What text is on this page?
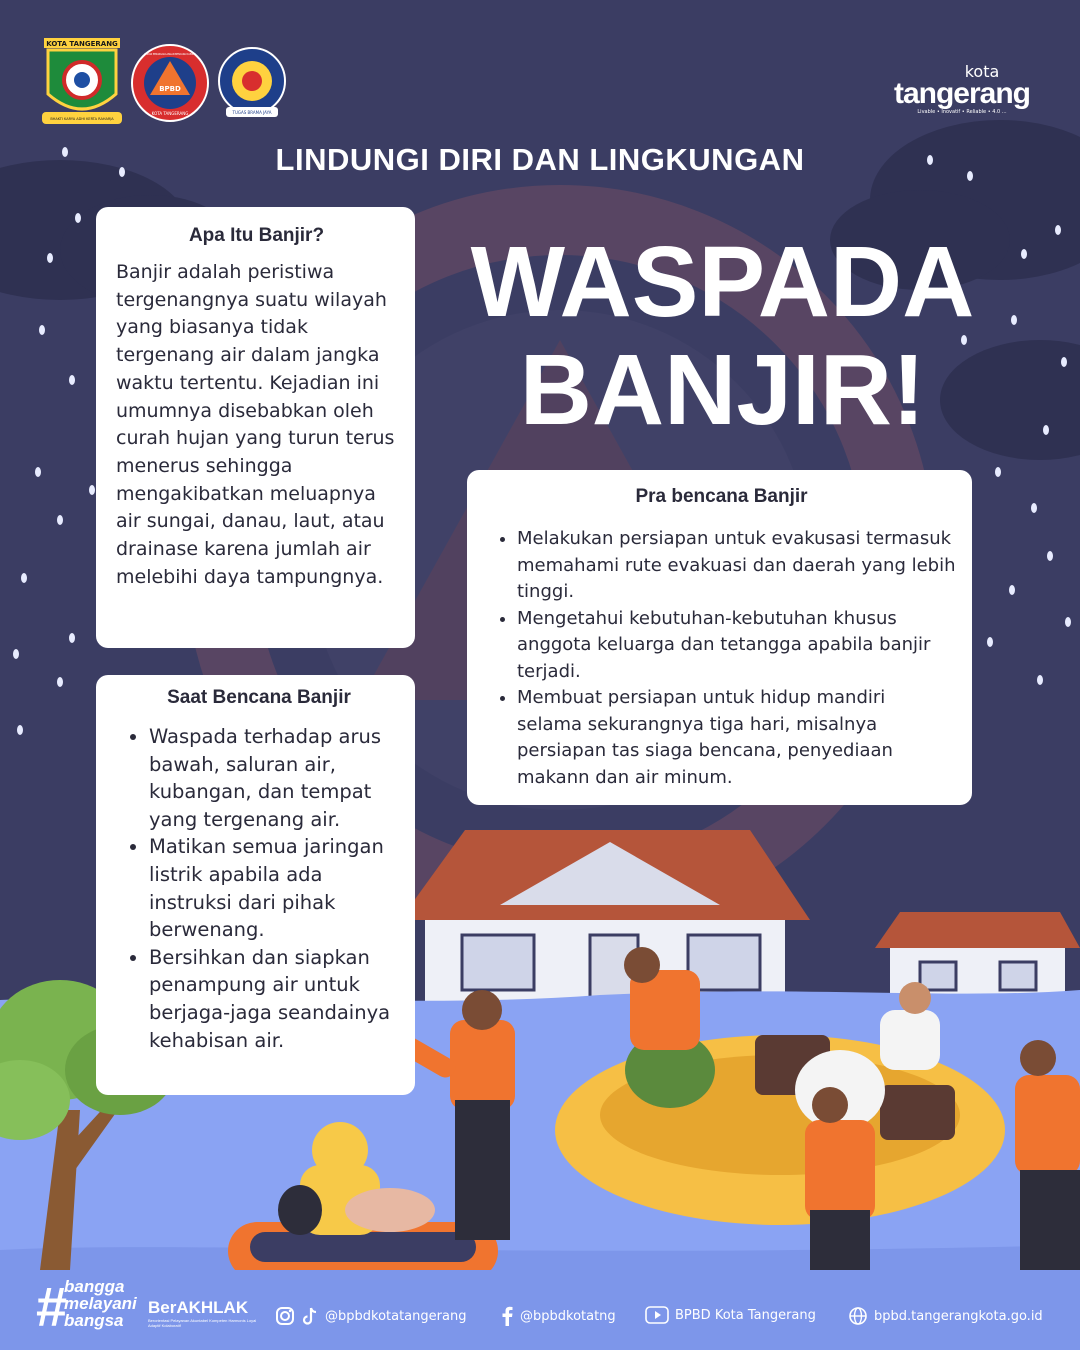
KOTA TANGERANG
BHAKTI KARYA ADHI KERTA RAHARJA
BPBD
KOTA TANGERANG
BADAN PENANGGULANGAN BENCANA DAERAH
TUGAS BRAMA JAYA
kota
tangerang
Livable • Inovatif • Reliable • 4.0 ...
LINDUNGI DIRI DAN LINGKUNGAN
WASPADA
BANJIR!
Apa Itu Banjir?

Banjir adalah peristiwa tergenangnya suatu wilayah yang biasanya tidak tergenang air dalam jangka waktu tertentu. Kejadian ini umumnya disebabkan oleh curah hujan yang turun terus menerus sehingga mengakibatkan meluapnya air sungai, danau, laut, atau drainase karena jumlah air melebihi daya tampungnya.

Saat Bencana Banjir
• Waspada terhadap arus bawah, saluran air, kubangan, dan tempat yang tergenang air.
• Matikan semua jaringan listrik apabila ada instruksi dari pihak berwenang.
• Bersihkan dan siapkan penampung air untuk berjaga-jaga seandainya kehabisan air.
Pra bencana Banjir
• Melakukan persiapan untuk evakusasi termasuk memahami rute evakuasi dan daerah yang lebih tinggi.
• Mengetahui kebutuhan-kebutuhan khusus anggota keluarga dan tetangga apabila banjir terjadi.
• Membuat persiapan untuk hidup mandiri selama sekurangnya tiga hari, misalnya persiapan tas siaga bencana, penyediaan makann dan air minum.
#
bangga
melayani
bangsa
BerAKHLAK
Berorientasi Pelayanan Akuntabel Kompeten Harmonis Loyal Adaptif Kolaboratif
@bpbdkotatangerang	@bpbdkotatng	BPBD Kota Tangerang	bpbd.tangerangkota.go.id
